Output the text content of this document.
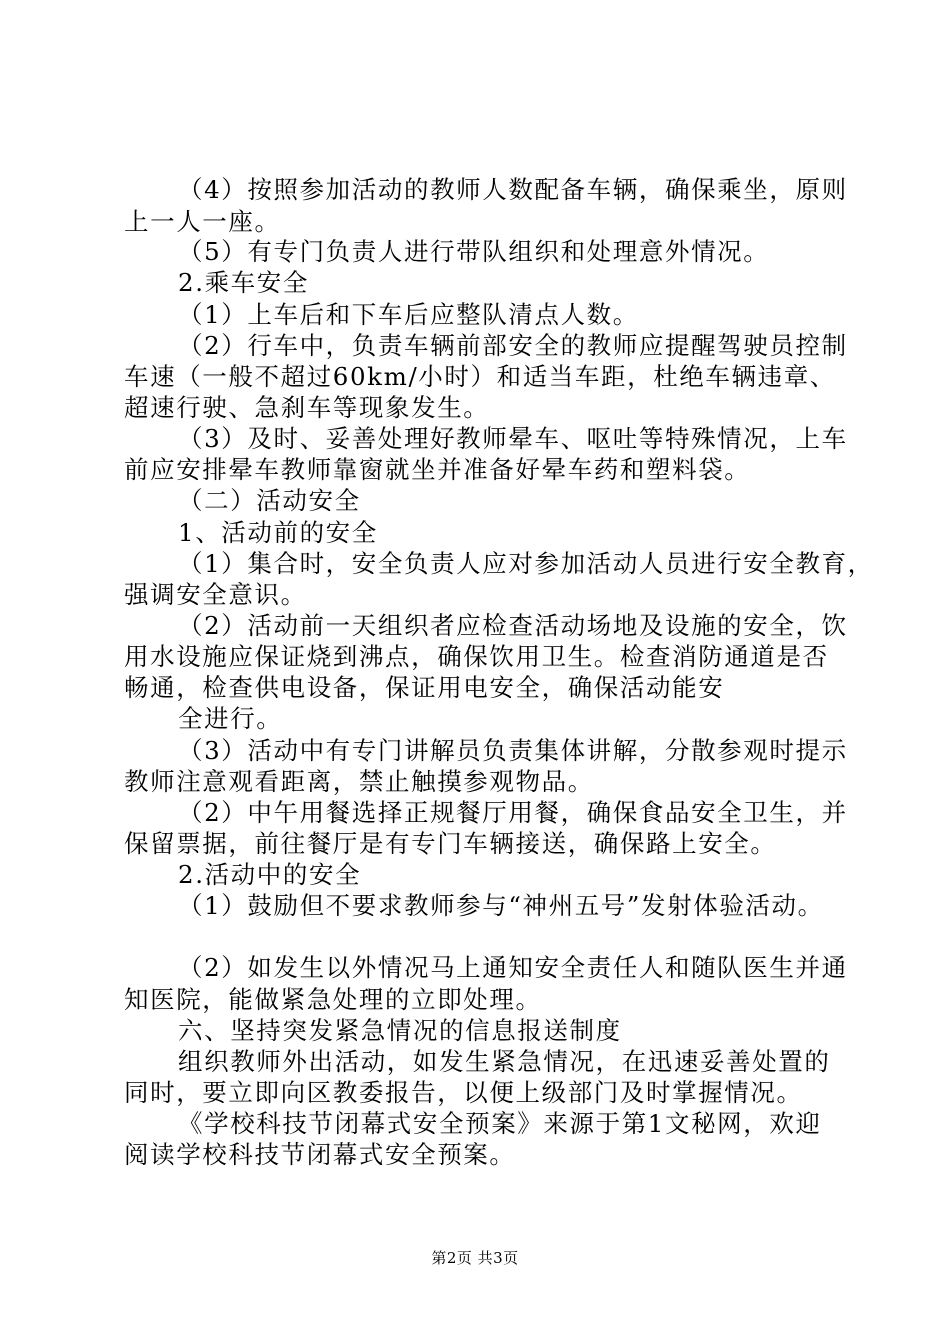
（4）按照参加活动的教师人数配备车辆，确保乘坐，原则
上一人一座。
（5）有专门负责人进行带队组织和处理意外情况。
2.乘车安全
（1）上车后和下车后应整队清点人数。
（2）行车中，负责车辆前部安全的教师应提醒驾驶员控制
车速（一般不超过60km/小时）和适当车距，杜绝车辆违章、
超速行驶、急刹车等现象发生。
（3）及时、妥善处理好教师晕车、呕吐等特殊情况，上车
前应安排晕车教师靠窗就坐并准备好晕车药和塑料袋。
（二）活动安全
1、活动前的安全
（1）集合时，安全负责人应对参加活动人员进行安全教育，
强调安全意识。
（2）活动前一天组织者应检查活动场地及设施的安全，饮
用水设施应保证烧到沸点，确保饮用卫生。检查消防通道是否
畅通，检查供电设备，保证用电安全，确保活动能安
全进行。
（3）活动中有专门讲解员负责集体讲解，分散参观时提示
教师注意观看距离，禁止触摸参观物品。
（2）中午用餐选择正规餐厅用餐，确保食品安全卫生，并
保留票据，前往餐厅是有专门车辆接送，确保路上安全。
2.活动中的安全
（1）鼓励但不要求教师参与“神州五号”发射体验活动。
（2）如发生以外情况马上通知安全责任人和随队医生并通
知医院，能做紧急处理的立即处理。
六、坚持突发紧急情况的信息报送制度
组织教师外出活动，如发生紧急情况，在迅速妥善处置的
同时，要立即向区教委报告，以便上级部门及时掌握情况。
《学校科技节闭幕式安全预案》来源于第1文秘网，欢迎
阅读学校科技节闭幕式安全预案。
第2页 共3页
